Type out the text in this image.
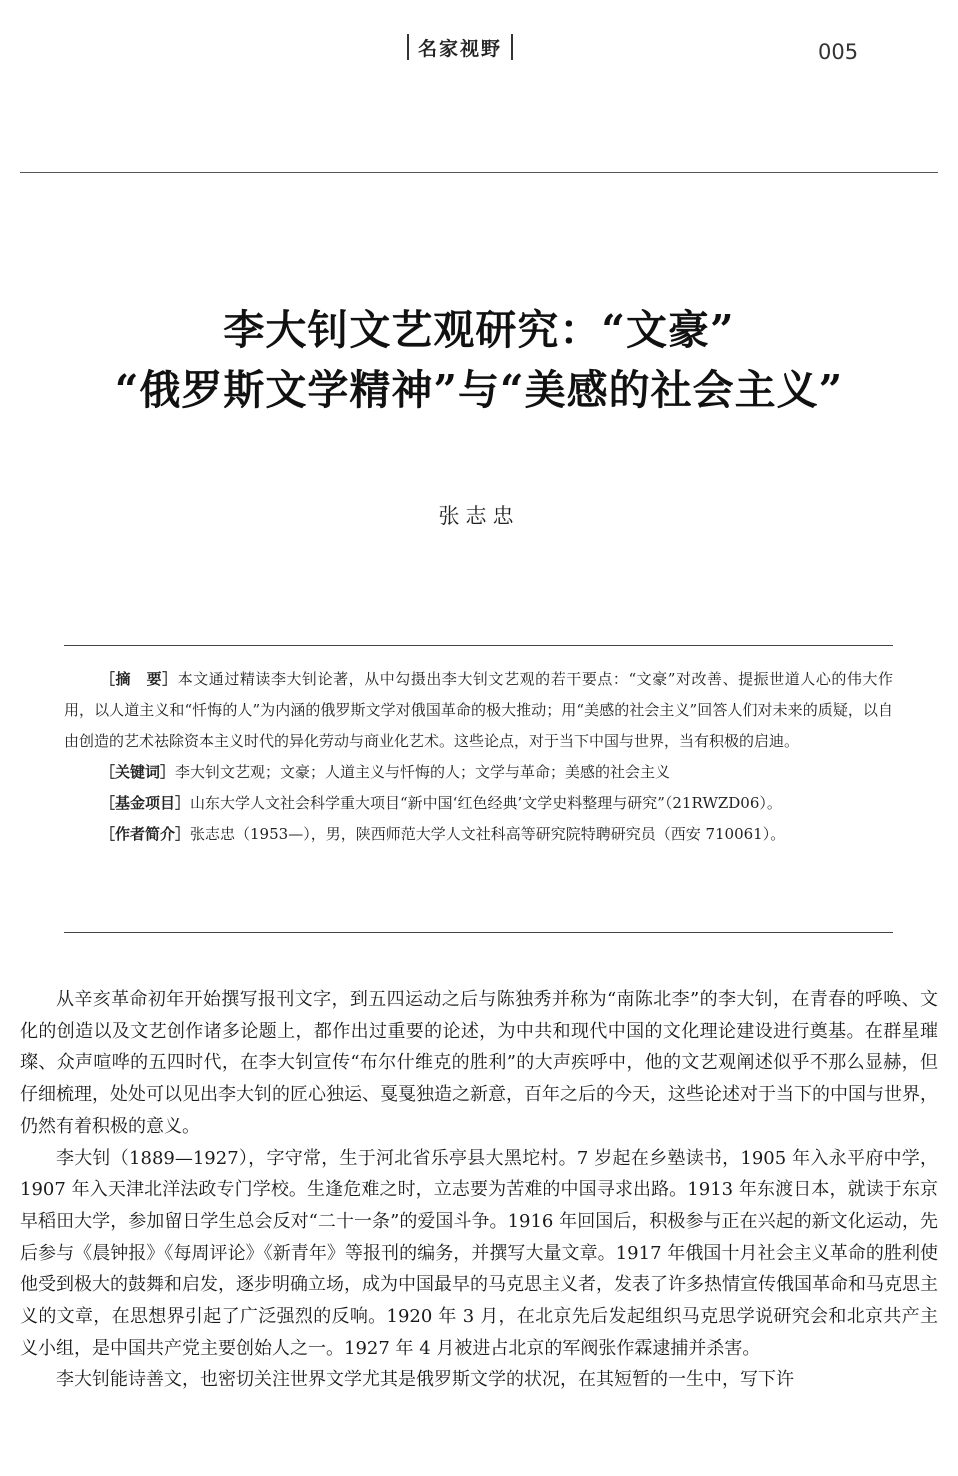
名家视野	005
李大钊文艺观研究：“文豪”
“俄罗斯文学精神”与“美感的社会主义”
张志忠

［摘　要］本文通过精读李大钊论著，从中勾摄出李大钊文艺观的若干要点：“文豪”对改善、提振世道人心的伟大作用，以人道主义和“忏悔的人”为内涵的俄罗斯文学对俄国革命的极大推动；用“美感的社会主义”回答人们对未来的质疑，以自由创造的艺术祛除资本主义时代的异化劳动与商业化艺术。这些论点，对于当下中国与世界，当有积极的启迪。

［关键词］李大钊文艺观；文豪；人道主义与忏悔的人；文学与革命；美感的社会主义

［基金项目］山东大学人文社会科学重大项目“新中国‘红色经典’文学史料整理与研究”（21RWZD06）。

［作者简介］张志忠（1953—），男，陕西师范大学人文社科高等研究院特聘研究员（西安 710061）。

从辛亥革命初年开始撰写报刊文字，到五四运动之后与陈独秀并称为“南陈北李”的李大钊，在青春的呼唤、文化的创造以及文艺创作诸多论题上，都作出过重要的论述，为中共和现代中国的文化理论建设进行奠基。在群星璀璨、众声喧哗的五四时代，在李大钊宣传“布尔什维克的胜利”的大声疾呼中，他的文艺观阐述似乎不那么显赫，但仔细梳理，处处可以见出李大钊的匠心独运、戛戛独造之新意，百年之后的今天，这些论述对于当下的中国与世界，仍然有着积极的意义。

李大钊（1889—1927），字守常，生于河北省乐亭县大黑坨村。7 岁起在乡塾读书，1905 年入永平府中学，1907 年入天津北洋法政专门学校。生逢危难之时，立志要为苦难的中国寻求出路。1913 年东渡日本，就读于东京早稻田大学，参加留日学生总会反对“二十一条”的爱国斗争。1916 年回国后，积极参与正在兴起的新文化运动，先后参与《晨钟报》《每周评论》《新青年》等报刊的编务，并撰写大量文章。1917 年俄国十月社会主义革命的胜利使他受到极大的鼓舞和启发，逐步明确立场，成为中国最早的马克思主义者，发表了许多热情宣传俄国革命和马克思主义的文章，在思想界引起了广泛强烈的反响。1920 年 3 月，在北京先后发起组织马克思学说研究会和北京共产主义小组，是中国共产党主要创始人之一。1927 年 4 月被进占北京的军阀张作霖逮捕并杀害。

李大钊能诗善文，也密切关注世界文学尤其是俄罗斯文学的状况，在其短暂的一生中，写下许
